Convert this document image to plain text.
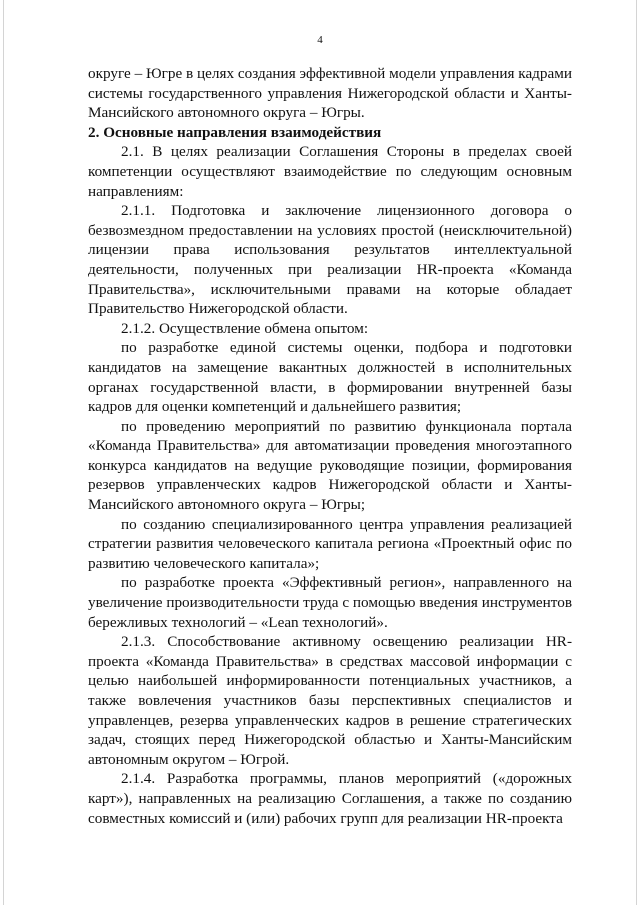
4

округе – Югре в целях создания эффективной модели управления кадрами системы государственного управления Нижегородской области и Ханты-Мансийского автономного округа – Югры.

2. Основные направления взаимодействия

2.1. В целях реализации Соглашения Стороны в пределах своей компетенции осуществляют взаимодействие по следующим основным направлениям:

2.1.1. Подготовка и заключение лицензионного договора о безвозмездном предоставлении на условиях простой (неисключительной) лицензии права использования результатов интеллектуальной деятельности, полученных при реализации HR-проекта «Команда Правительства», исключительными правами на которые обладает Правительство Нижегородской области.

2.1.2. Осуществление обмена опытом:

по разработке единой системы оценки, подбора и подготовки кандидатов на замещение вакантных должностей в исполнительных органах государственной власти, в формировании внутренней базы кадров для оценки компетенций и дальнейшего развития;

по проведению мероприятий по развитию функционала портала «Команда Правительства» для автоматизации проведения многоэтапного конкурса кандидатов на ведущие руководящие позиции, формирования резервов управленческих кадров Нижегородской области и Ханты-Мансийского автономного округа – Югры;

по созданию специализированного центра управления реализацией стратегии развития человеческого капитала региона «Проектный офис по развитию человеческого капитала»;

по разработке проекта «Эффективный регион», направленного на увеличение производительности труда с помощью введения инструментов бережливых технологий – «Lean технологий».

2.1.3. Способствование активному освещению реализации HR-проекта «Команда Правительства» в средствах массовой информации с целью наибольшей информированности потенциальных участников, а также вовлечения участников базы перспективных специалистов и управленцев, резерва управленческих кадров в решение стратегических задач, стоящих перед Нижегородской областью и Ханты-Мансийским автономным округом – Югрой.

2.1.4. Разработка программы, планов мероприятий («дорожных карт»), направленных на реализацию Соглашения, а также по созданию совместных комиссий и (или) рабочих групп для реализации HR-проекта
